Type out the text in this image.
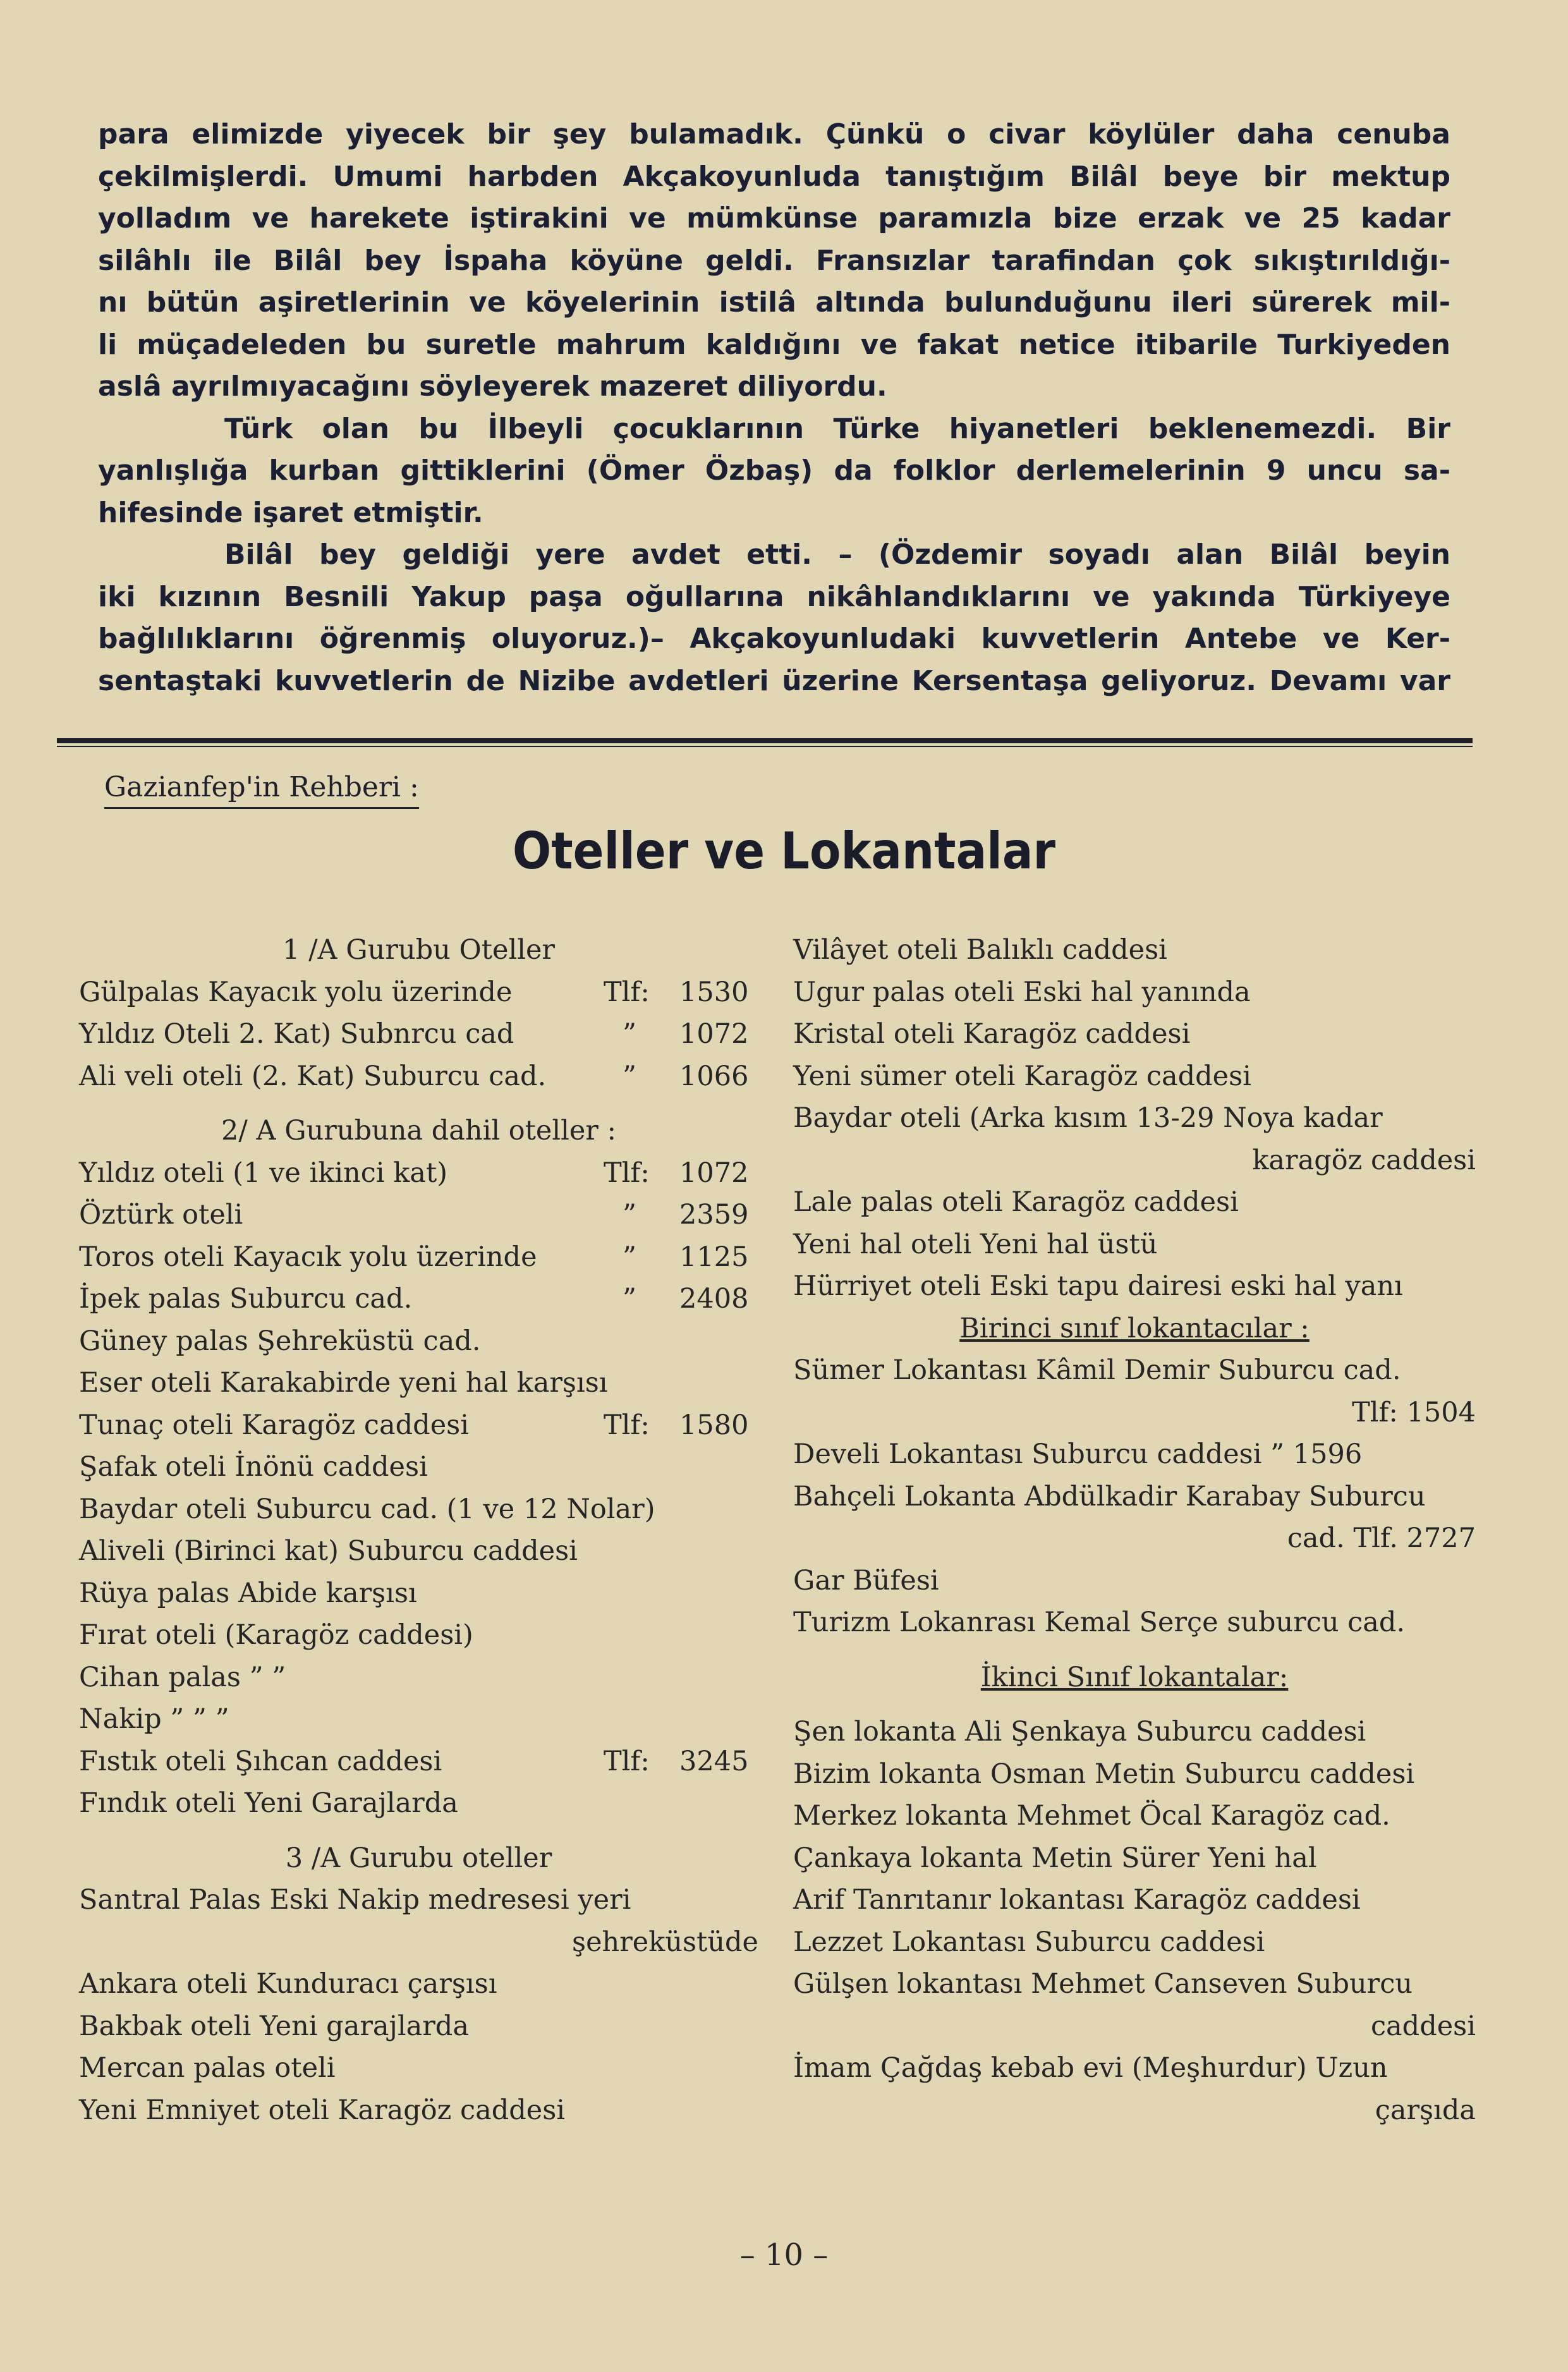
para elimizde yiyecek bir şey bulamadık. Çünkü o civar köylüler daha cenuba
çekilmişlerdi. Umumi harbden Akçakoyunluda tanıştığım Bilâl beye bir mektup
yolladım ve harekete iştirakini ve mümkünse paramızla bize erzak ve 25 kadar
silâhlı ile Bilâl bey İspaha köyüne geldi. Fransızlar tarafindan çok sıkıştırıldığı-
nı bütün aşiretlerinin ve köyelerinin istilâ altında bulunduğunu ileri sürerek mil-
li müçadeleden bu suretle mahrum kaldığını ve fakat netice itibarile Turkiyeden
aslâ ayrılmıyacağını söyleyerek mazeret diliyordu.
Türk olan bu İlbeyli çocuklarının Türke hiyanetleri beklenemezdi. Bir
yanlışlığa kurban gittiklerini (Ömer Özbaş) da folklor derlemelerinin 9 uncu sa-
hifesinde işaret etmiştir.
Bilâl bey geldiği yere avdet etti. – (Özdemir soyadı alan Bilâl beyin
iki kızının Besnili Yakup paşa oğullarına nikâhlandıklarını ve yakında Türkiyeye
bağlılıklarını öğrenmiş oluyoruz.)– Akçakoyunludaki kuvvetlerin Antebe ve Ker-
sentaştaki kuvvetlerin de Nizibe avdetleri üzerine Kersentaşa geliyoruz. Devamı var
Gazianfep'in Rehberi :
Oteller ve Lokantalar
1 /A Gurubu Oteller
Gülpalas Kayacık yolu üzerinde	Tlf: 1530
Yıldız Oteli 2. Kat) Subnrcu cad	” 1072
Ali veli oteli (2. Kat) Suburcu cad.	” 1066
2/ A Gurubuna dahil oteller :
Yıldız oteli (1 ve ikinci kat)	Tlf: 1072
Öztürk oteli	” 2359
Toros oteli Kayacık yolu üzerinde	” 1125
İpek palas Suburcu cad.	” 2408
Güney palas Şehreküstü cad.
Eser oteli Karakabirde yeni hal karşısı
Tunaç oteli Karagöz caddesi	Tlf: 1580
Şafak oteli İnönü caddesi
Baydar oteli Suburcu cad. (1 ve 12 Nolar)
Aliveli (Birinci kat) Suburcu caddesi
Rüya palas Abide karşısı
Fırat oteli (Karagöz caddesi)
Cihan palas ” ”
Nakip ” ” ”
Fıstık oteli Şıhcan caddesi	Tlf: 3245
Fındık oteli Yeni Garajlarda
3 /A Gurubu oteller
Santral Palas Eski Nakip medresesi yeri
şehreküstüde
Ankara oteli Kunduracı çarşısı
Bakbak oteli Yeni garajlarda
Mercan palas oteli
Yeni Emniyet oteli Karagöz caddesi
Vilâyet oteli Balıklı caddesi
Ugur palas oteli Eski hal yanında
Kristal oteli Karagöz caddesi
Yeni sümer oteli Karagöz caddesi
Baydar oteli (Arka kısım 13-29 Noya kadar
karagöz caddesi
Lale palas oteli Karagöz caddesi
Yeni hal oteli Yeni hal üstü
Hürriyet oteli Eski tapu dairesi eski hal yanı
Birinci sınıf lokantacılar :
Sümer Lokantası Kâmil Demir Suburcu cad.
Tlf: 1504
Develi Lokantası Suburcu caddesi ” 1596
Bahçeli Lokanta Abdülkadir Karabay Suburcu
cad. Tlf. 2727
Gar Büfesi
Turizm Lokanrası Kemal Serçe suburcu cad.
İkinci Sınıf lokantalar:
Şen lokanta Ali Şenkaya Suburcu caddesi
Bizim lokanta Osman Metin Suburcu caddesi
Merkez lokanta Mehmet Öcal Karagöz cad.
Çankaya lokanta Metin Sürer Yeni hal
Arif Tanrıtanır lokantası Karagöz caddesi
Lezzet Lokantası Suburcu caddesi
Gülşen lokantası Mehmet Canseven Suburcu
caddesi
İmam Çağdaş kebab evi (Meşhurdur) Uzun
çarşıda
– 10 –
